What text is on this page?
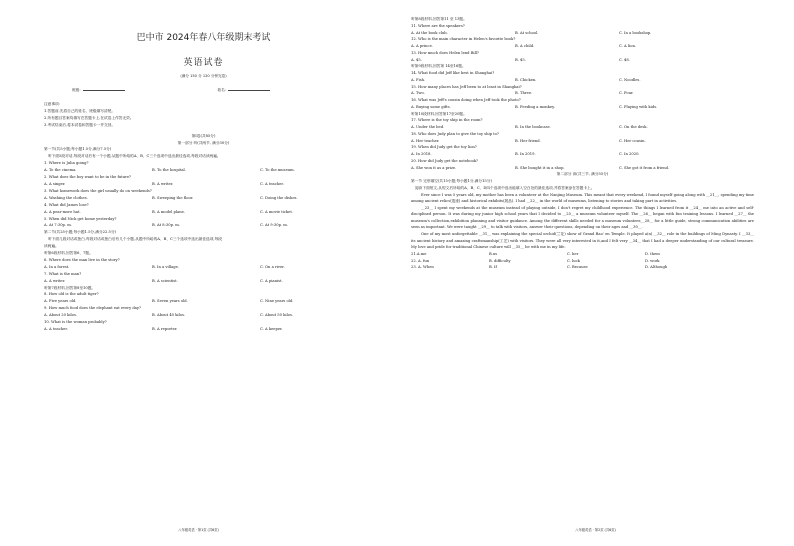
巴中市 2024年春八年级期末考试
英语试卷
(满分 150 分 120 分钟完卷)
班级:	姓名:
注意事项:
1.答题前,先将自己的姓名、班级填写清楚。
2.所有题目答案均填写在答题卡上,在试卷上作答无效。
3.考试结束后,将本试卷和答题卡一并交回。
第Ⅰ卷(共85分)
第一部分 听(共两节, 满分30分)
第一节(共5小题;每小题1.5分,满分7.5分)
听下面5段对话,每段对话后有一个小题,从题中所给的A、B、C三个选项中选出最佳选项,每段对话读两遍。
1. Where is Julia going?
A. To the cinema.	B. To the hospital.	C. To the museum.
2. What does the boy want to be in the future?
A. A singer.	B. A writer.	C. A teacher.
3. What homework does the girl usually do on weekends?
A. Washing the clothes.	B. Sweeping the floor.	C. Doing the dishes.
4. What did James lose?
A. A pear-more hat.	B. A model plane.	C. A movie ticket.
5. When did Nick get home yesterday?
A. At 7:30p. m.	B. At 8:30p. m.	C. At 9:30p. m.
第二节(共25小题;每小题1.5分,满分22.5分)
听下面几段对话或独白,每段对话或独白后有几个小题,从题中所给的A、B、C三个选项中选出最佳选项,每段
读两遍。
听第6段材料,回答第6、7题。
6. Where does the man live in the story?
A. In a forest.	B. In a village.	C. On a river.
7. What is the man?
A. A writer.	B. A scientist.	C. A pianist.
听第7段材料,回答第8至10题。
8. How old is the adult tiger?
A. Five years old.	B. Seven years old.	C. Nine years old.
9. How much food does the elephant eat every day?
A. About 20 kilos.	B. About 40 kilos.	C. About 50 kilos.
10. What is the woman probably?
A. A teacher.	B. A reporter.	C. A keeper.
八年级英语 · 第1页 (共6页)
听第8段材料,回答第11 至 13题。
11. Where are the speakers?
A. At the book club.	B. At school.	C. In a bookshop.
12. Who is the main character in Helen's favorite book?
A. A prince.	B. A child.	C. A lion.
13. How much does Helen lend Bill?
A. $5.	B. $5.	C. $8.
听第9段材料,回答第 14至16题。
14. What food did Jeff like best in Shanghai?
A. Fish.	B. Chicken.	C. Noodles.
15. How many places has Jeff been to at least in Shanghai?
A. Two.	B. Three.	C. Four.
16. What was Jeff's cousin doing when Jeff took the photo?
A. Buying some gifts.	B. Feeding a monkey.	C. Playing with kids.
听第10段材料,回答第17至20题。
17. Where is the toy ship in the room?
A. Under the bed.	B. In the bookcase.	C. On the desk.
18. Who does Judy plan to give the toy ship to?
A. Her teacher.	B. Her friend.	C. Her cousin.
19. When did Judy get the toy lion?
A. In 2018.	B. In 2019.	C. In 2020.
20. How did Judy get the notebook?
A. She won it as a prize.	B. She bought it in a shop.	C. She got it from a friend.
第二部分 读(共三节, 满分55分)
第一节 完形填空(共15小题;每小题1分,满分15分)
阅读下面短文,从短文后所给的A、B、C、D四个选项中选出能填入空白处的最佳选项,并将答案涂在答题卡上。
Ever since I was 5 years old, my mother has been a volunteer at the Nanjing Museum. This meant that every weekend, I found myself going along with __21__, spending my time among ancient relics(遗迹) and historical exhibits(展品). I had __22__ in the world of museums, listening to stories and taking part in activities.
__23__ I spent my weekends at the museum instead of playing outside, I don't regret my childhood experience. The things I learned from it __24__ me into an active and self-disciplined person. It was during my junior high school years that I decided to __25__ a museum volunteer myself. The __26__ began with fun training lessons. I learned __27__ the museum's collection,exhibition planning and visitor guidance. Among the different skills needed for a museum volunteer,__28__ for a little guide, strong communication abilities are seen as important. We were taught __29__ to talk with visitors, answer their questions, depending on their ages and __30__.
One of my most unforgettable __31__ was explaining the special orchid(兰花) show of Grand Bao' en Temple. It played a(n) __32__ role in the buildings of Ming Dynasty. I __33__ its ancient history and amazing craftsmanship(工艺) with visitors. They were all very interested in it,and I felt very __34__ that I had a deeper understanding of our cultural treasure. My love and pride for traditional Chinese culture will __35__ be with me in my life.
21.A.me	B.us	C. her	D. them
22. A. fun	B. difficulty	C. luck	D. work
23. A. When	B. If	C. Because	D. Although
八年级英语 · 第2页 (共6页)
